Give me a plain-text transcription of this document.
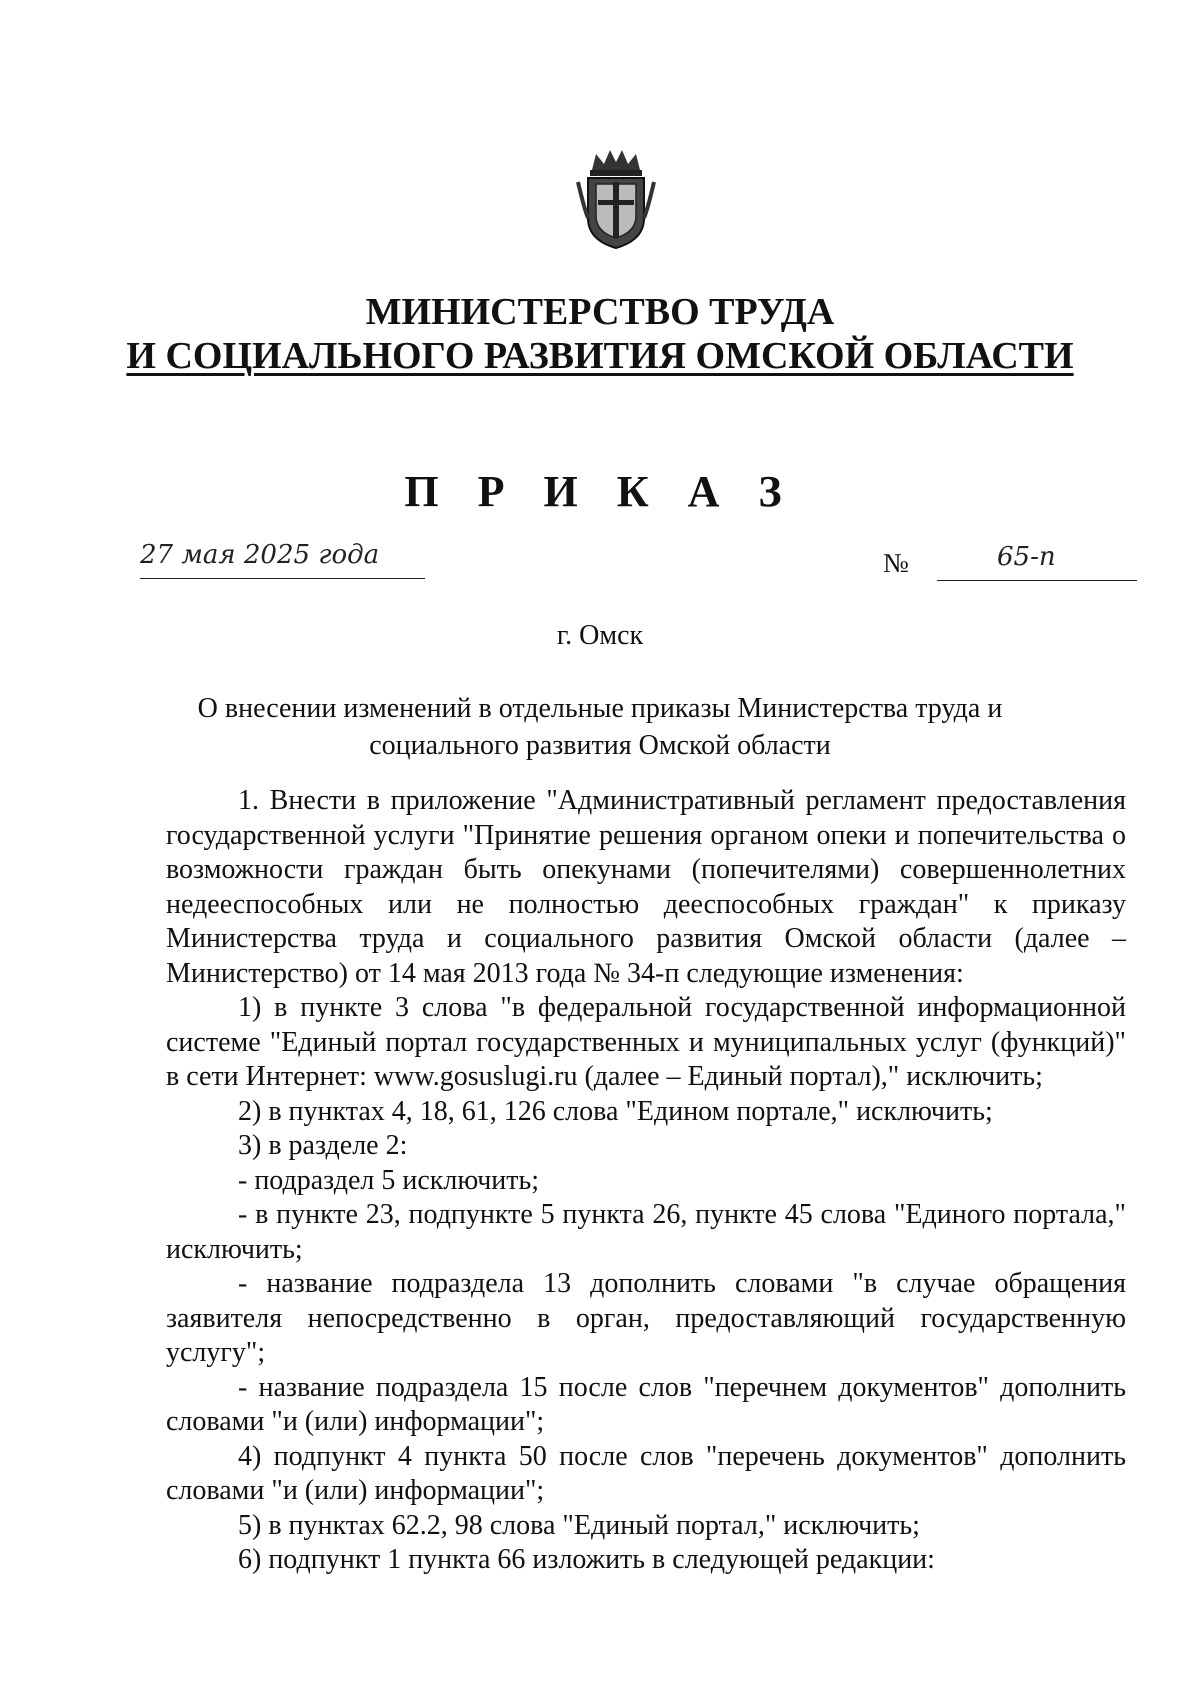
МИНИСТЕРСТВО ТРУДА
И СОЦИАЛЬНОГО РАЗВИТИЯ ОМСКОЙ ОБЛАСТИ
П Р И К А З
27 мая 2025 года	№	65-п
г. Омск
О внесении изменений в отдельные приказы Министерства труда и
социального развития Омской области

1. Внести в приложение "Административный регламент предоставления государственной услуги "Принятие решения органом опеки и попечительства о возможности граждан быть опекунами (попечителями) совершеннолетних недееспособных или не полностью дееспособных граждан" к приказу Министерства труда и социального развития Омской области (далее – Министерство) от 14 мая 2013 года № 34-п следующие изменения:

1) в пункте 3 слова "в федеральной государственной информационной системе "Единый портал государственных и муниципальных услуг (функций)" в сети Интернет: www.gosuslugi.ru (далее – Единый портал)," исключить;

2) в пунктах 4, 18, 61, 126 слова "Едином портале," исключить;

3) в разделе 2:

- подраздел 5 исключить;

- в пункте 23, подпункте 5 пункта 26, пункте 45 слова "Единого портала," исключить;

- название подраздела 13 дополнить словами "в случае обращения заявителя непосредственно в орган, предоставляющий государственную услугу";

- название подраздела 15 после слов "перечнем документов" дополнить словами "и (или) информации";

4) подпункт 4 пункта 50 после слов "перечень документов" дополнить словами "и (или) информации";

5) в пунктах 62.2, 98 слова "Единый портал," исключить;

6) подпункт 1 пункта 66 изложить в следующей редакции:
